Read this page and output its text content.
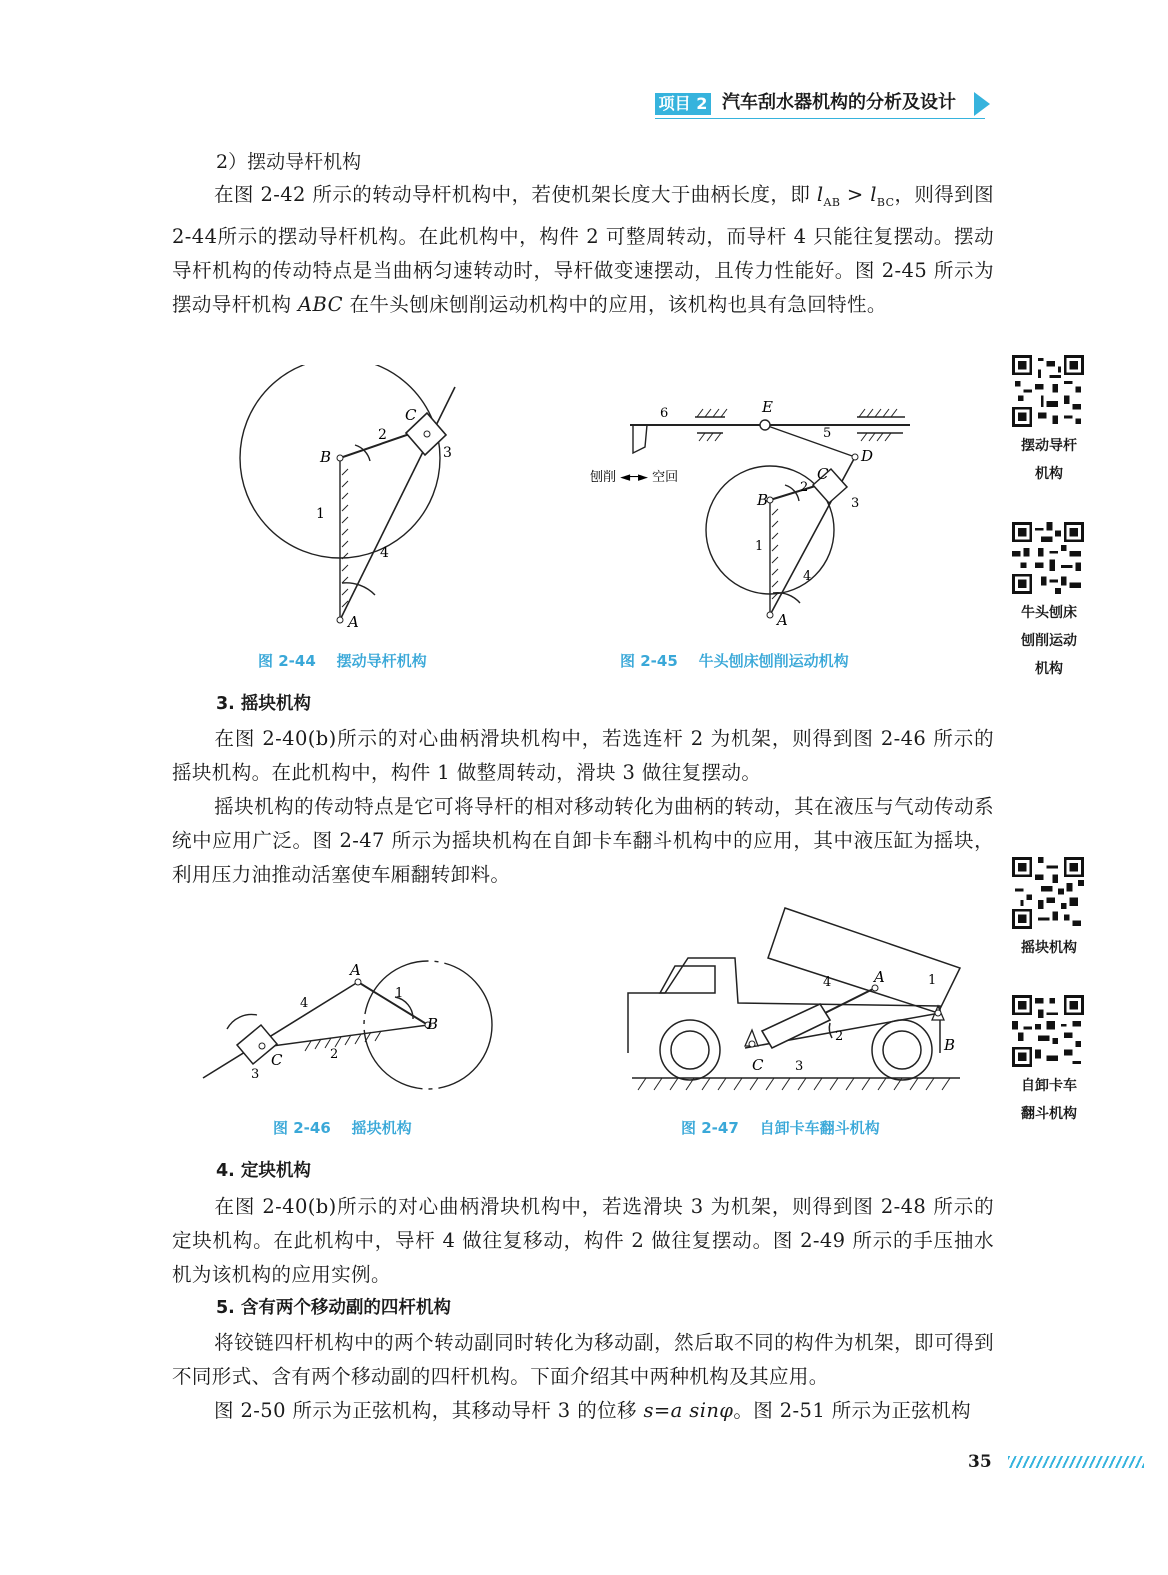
项目 2 汽车刮水器机构的分析及设计

2）摆动导杆机构

在图 2-42 所示的转动导杆机构中，若使机架长度大于曲柄长度，即 $l_{AB} > l_{BC}$，则得到图2-44所示的摆动导杆机构。在此机构中，构件 2 可整周转动，而导杆 4 只能往复摆动。摆动导杆机构的传动特点是当曲柄匀速转动时，导杆做变速摆动，且传力性能好。图 2-45 所示为摆动导杆机构 ABC 在牛头刨床刨削运动机构中的应用，该机构也具有急回特性。

B
C
A
1
2
3
4
图 2-44    摆动导杆机构
E
D
C
B
A
1
2
3
4
5
6
刨削 ◄─► 空回
图 2-45    牛头刨床刨削运动机构

3. 摇块机构

在图 2-40(b)所示的对心曲柄滑块机构中，若选连杆 2 为机架，则得到图 2-46 所示的摇块机构。在此机构中，构件 1 做整周转动，滑块 3 做往复摆动。

摇块机构的传动特点是它可将导杆的相对移动转化为曲柄的转动，其在液压与气动传动系统中应用广泛。图 2-47 所示为摇块机构在自卸卡车翻斗机构中的应用，其中液压缸为摇块，利用压力油推动活塞使车厢翻转卸料。

A
B
C
1
2
3
4
图 2-46    摇块机构
A
B
C
1
2
3
4
图 2-47    自卸卡车翻斗机构

4. 定块机构

在图 2-40(b)所示的对心曲柄滑块机构中，若选滑块 3 为机架，则得到图 2-48 所示的定块机构。在此机构中，导杆 4 做往复移动，构件 2 做往复摆动。图 2-49 所示的手压抽水机为该机构的应用实例。

5. 含有两个移动副的四杆机构

将铰链四杆机构中的两个转动副同时转化为移动副，然后取不同的构件为机架，即可得到不同形式、含有两个移动副的四杆机构。下面介绍其中两种机构及其应用。

图 2-50 所示为正弦机构，其移动导杆 3 的位移 s=a sinφ。图 2-51 所示为正弦机构

摆动导杆
机构
牛头刨床
刨削运动
机构
摇块机构
自卸卡车
翻斗机构
35
